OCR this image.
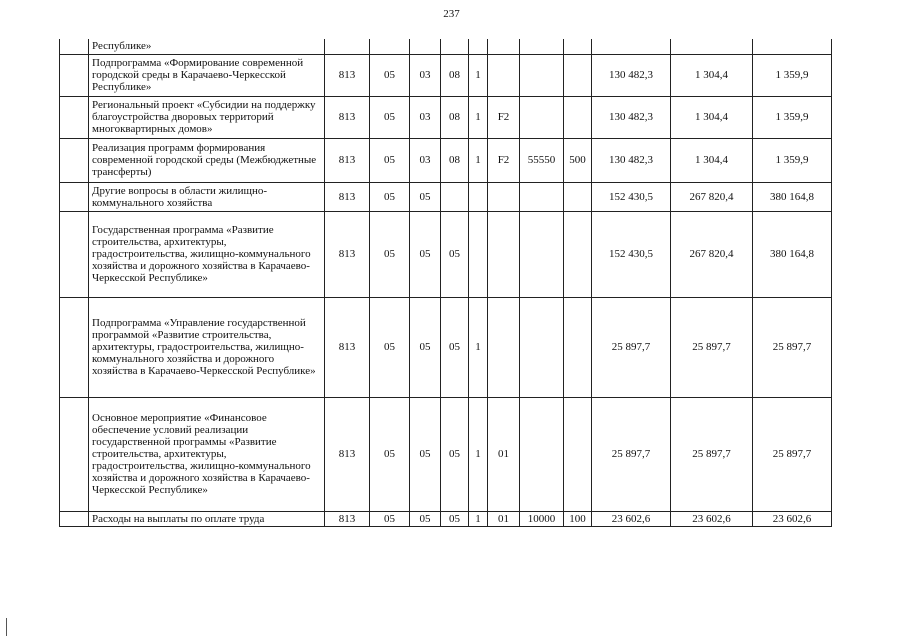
237
	Республике»											
	Подпрограмма «Формирование современной городской среды в Карачаево-Черкесской Республике»	813	05	03	08	1				130 482,3	1 304,4	1 359,9
	Региональный проект «Субсидии на поддержку благоустройства дворовых территорий многоквартирных домов»	813	05	03	08	1	F2			130 482,3	1 304,4	1 359,9
	Реализация программ формирования современной городской среды (Межбюджетные трансферты)	813	05	03	08	1	F2	55550	500	130 482,3	1 304,4	1 359,9
	Другие вопросы в области жилищно-коммунального хозяйства	813	05	05						152 430,5	267 820,4	380 164,8
	Государственная программа «Развитие строительства, архитектуры, градостроительства, жилищно-коммунального хозяйства и дорожного хозяйства в Карачаево-Черкесской Республике»	813	05	05	05					152 430,5	267 820,4	380 164,8
	Подпрограмма «Управление государственной программой «Развитие строительства, архитектуры, градостроительства, жилищно-коммунального хозяйства и дорожного хозяйства в Карачаево-Черкесской Республике»	813	05	05	05	1				25 897,7	25 897,7	25 897,7
	Основное мероприятие «Финансовое обеспечение условий реализации государственной программы «Развитие строительства, архитектуры, градостроительства, жилищно-коммунального хозяйства и дорожного хозяйства в Карачаево-Черкесской Республике»	813	05	05	05	1	01			25 897,7	25 897,7	25 897,7
	Расходы на выплаты по оплате труда	813	05	05	05	1	01	10000	100	23 602,6	23 602,6	23 602,6
